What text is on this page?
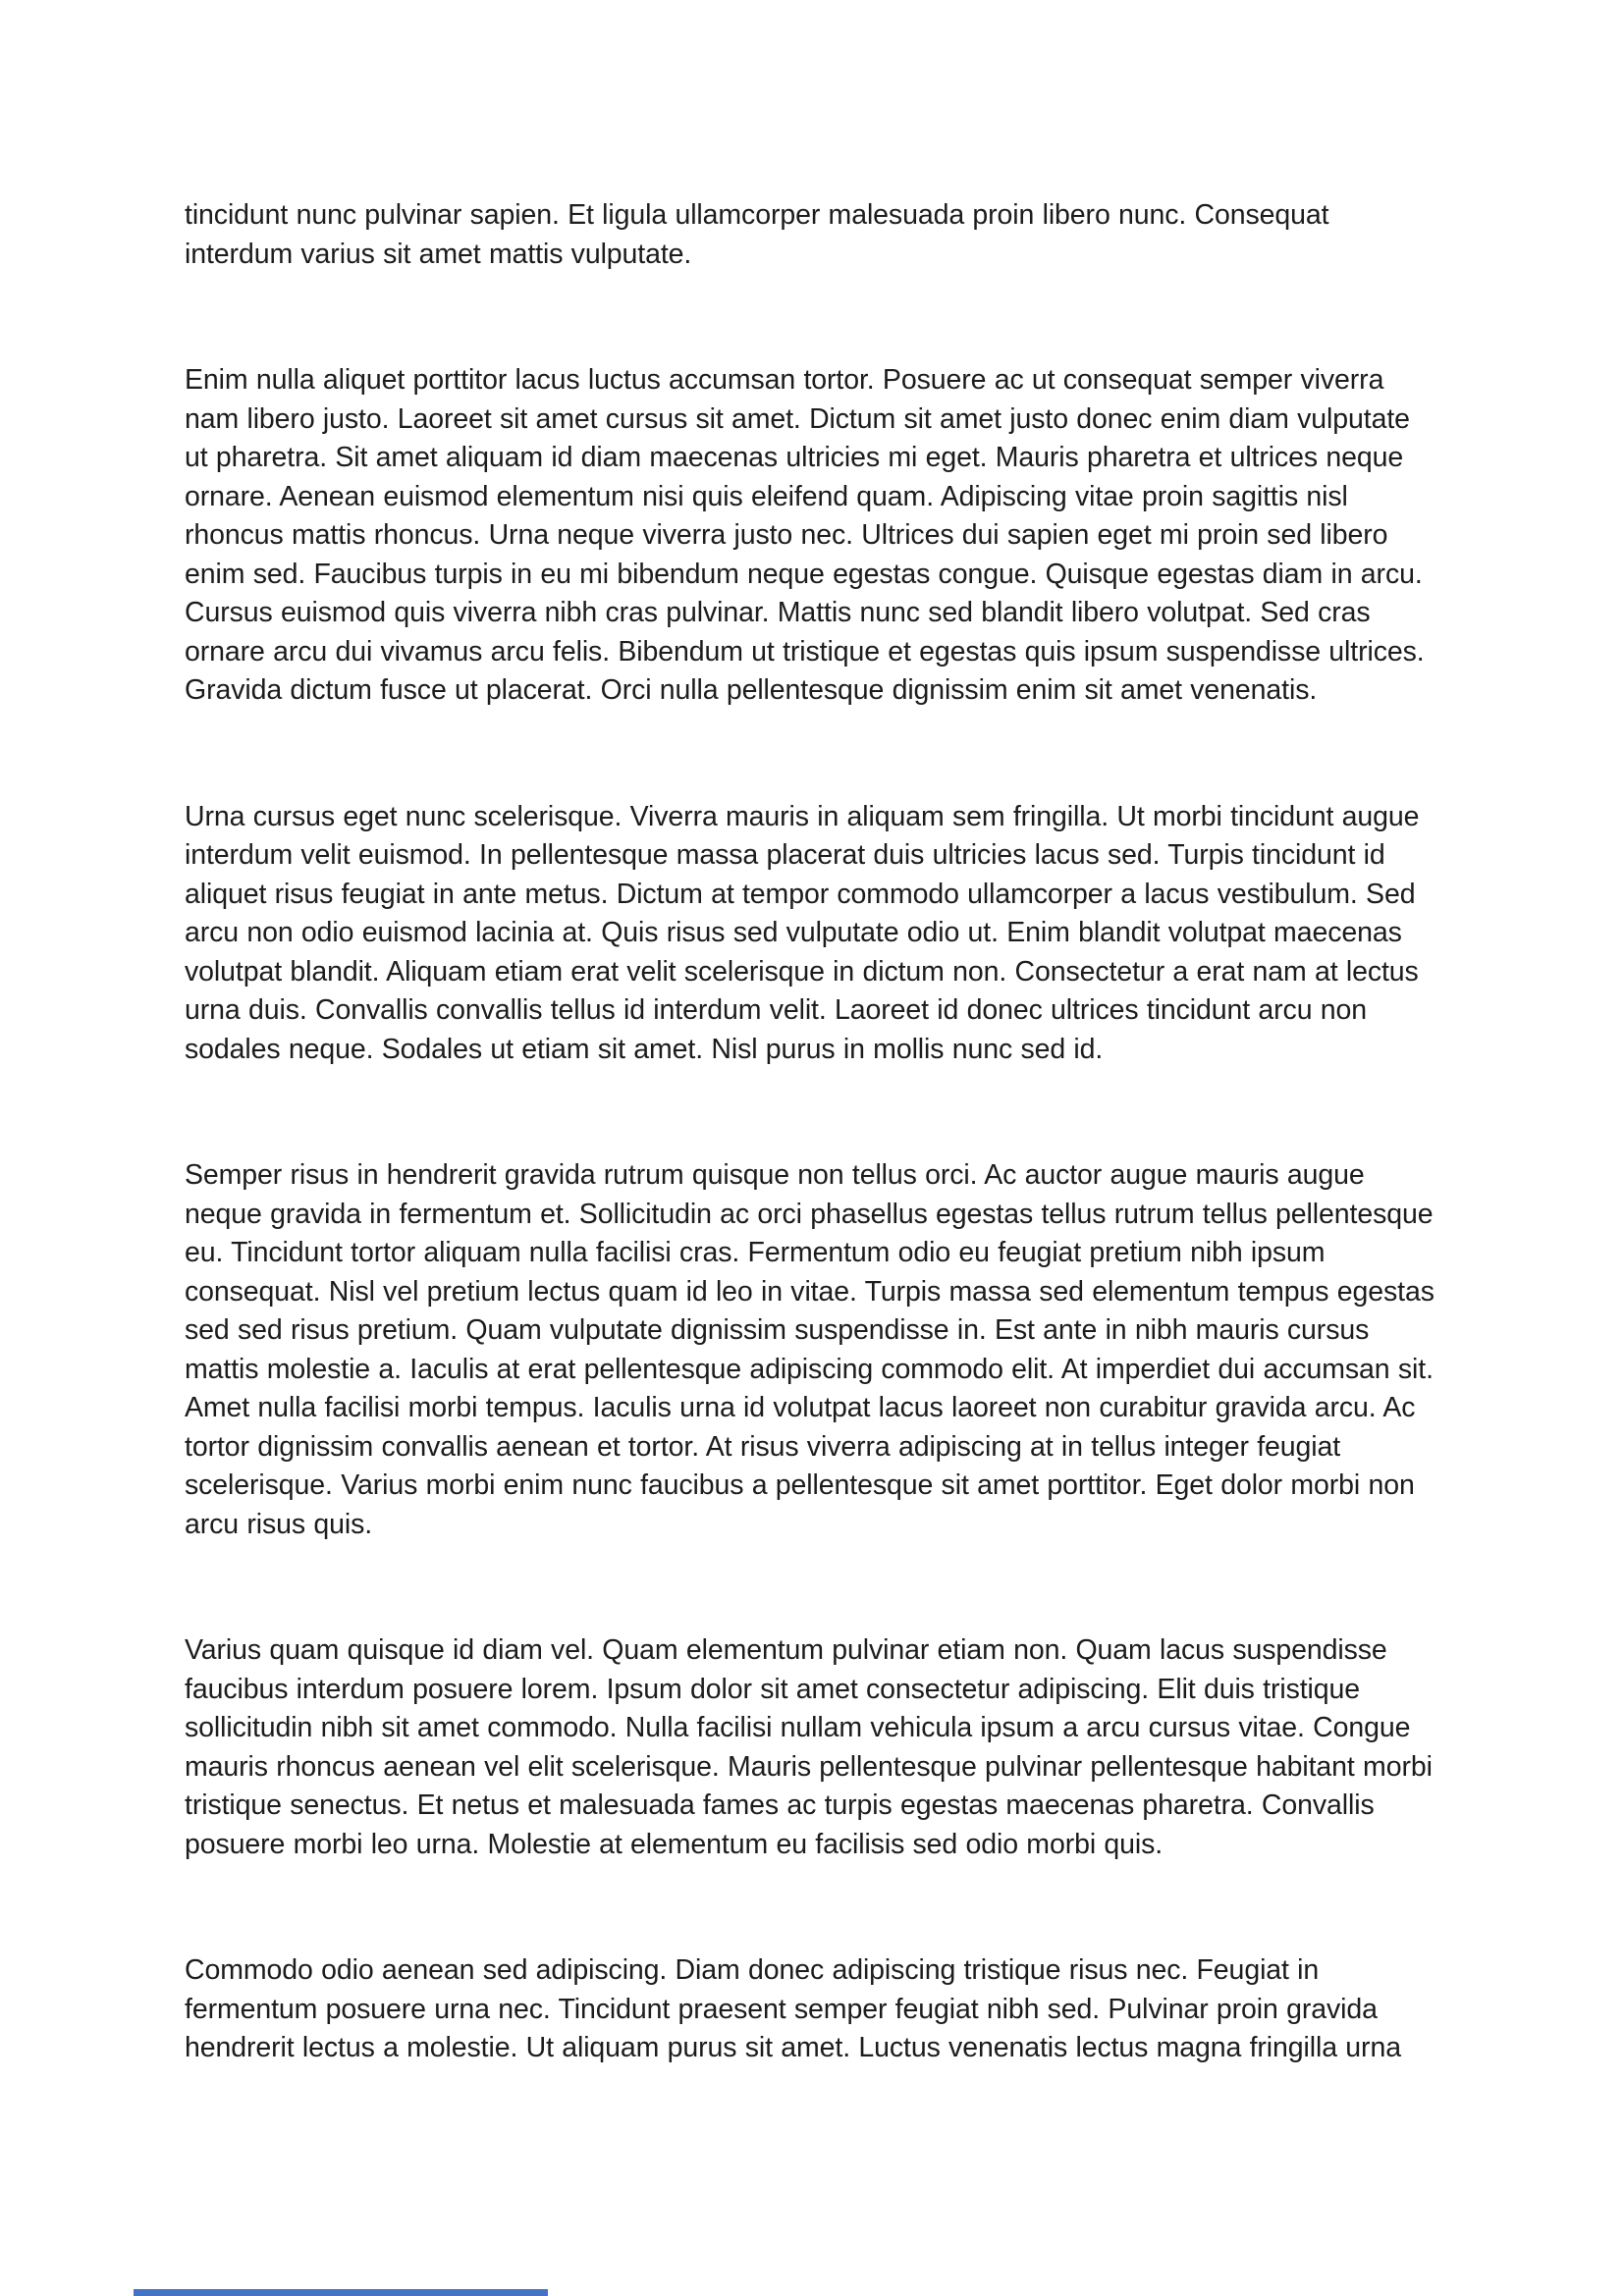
tincidunt nunc pulvinar sapien. Et ligula ullamcorper malesuada proin libero nunc. Consequat interdum varius sit amet mattis vulputate.

Enim nulla aliquet porttitor lacus luctus accumsan tortor. Posuere ac ut consequat semper viverra nam libero justo. Laoreet sit amet cursus sit amet. Dictum sit amet justo donec enim diam vulputate ut pharetra. Sit amet aliquam id diam maecenas ultricies mi eget. Mauris pharetra et ultrices neque ornare. Aenean euismod elementum nisi quis eleifend quam. Adipiscing vitae proin sagittis nisl rhoncus mattis rhoncus. Urna neque viverra justo nec. Ultrices dui sapien eget mi proin sed libero enim sed. Faucibus turpis in eu mi bibendum neque egestas congue. Quisque egestas diam in arcu. Cursus euismod quis viverra nibh cras pulvinar. Mattis nunc sed blandit libero volutpat. Sed cras ornare arcu dui vivamus arcu felis. Bibendum ut tristique et egestas quis ipsum suspendisse ultrices. Gravida dictum fusce ut placerat. Orci nulla pellentesque dignissim enim sit amet venenatis.

Urna cursus eget nunc scelerisque. Viverra mauris in aliquam sem fringilla. Ut morbi tincidunt augue interdum velit euismod. In pellentesque massa placerat duis ultricies lacus sed. Turpis tincidunt id aliquet risus feugiat in ante metus. Dictum at tempor commodo ullamcorper a lacus vestibulum. Sed arcu non odio euismod lacinia at. Quis risus sed vulputate odio ut. Enim blandit volutpat maecenas volutpat blandit. Aliquam etiam erat velit scelerisque in dictum non. Consectetur a erat nam at lectus urna duis. Convallis convallis tellus id interdum velit. Laoreet id donec ultrices tincidunt arcu non sodales neque. Sodales ut etiam sit amet. Nisl purus in mollis nunc sed id.

Semper risus in hendrerit gravida rutrum quisque non tellus orci. Ac auctor augue mauris augue neque gravida in fermentum et. Sollicitudin ac orci phasellus egestas tellus rutrum tellus pellentesque eu. Tincidunt tortor aliquam nulla facilisi cras. Fermentum odio eu feugiat pretium nibh ipsum consequat. Nisl vel pretium lectus quam id leo in vitae. Turpis massa sed elementum tempus egestas sed sed risus pretium. Quam vulputate dignissim suspendisse in. Est ante in nibh mauris cursus mattis molestie a. Iaculis at erat pellentesque adipiscing commodo elit. At imperdiet dui accumsan sit. Amet nulla facilisi morbi tempus. Iaculis urna id volutpat lacus laoreet non curabitur gravida arcu. Ac tortor dignissim convallis aenean et tortor. At risus viverra adipiscing at in tellus integer feugiat scelerisque. Varius morbi enim nunc faucibus a pellentesque sit amet porttitor. Eget dolor morbi non arcu risus quis.

Varius quam quisque id diam vel. Quam elementum pulvinar etiam non. Quam lacus suspendisse faucibus interdum posuere lorem. Ipsum dolor sit amet consectetur adipiscing. Elit duis tristique sollicitudin nibh sit amet commodo. Nulla facilisi nullam vehicula ipsum a arcu cursus vitae. Congue mauris rhoncus aenean vel elit scelerisque. Mauris pellentesque pulvinar pellentesque habitant morbi tristique senectus. Et netus et malesuada fames ac turpis egestas maecenas pharetra. Convallis posuere morbi leo urna. Molestie at elementum eu facilisis sed odio morbi quis.

Commodo odio aenean sed adipiscing. Diam donec adipiscing tristique risus nec. Feugiat in fermentum posuere urna nec. Tincidunt praesent semper feugiat nibh sed. Pulvinar proin gravida hendrerit lectus a molestie. Ut aliquam purus sit amet. Luctus venenatis lectus magna fringilla urna
